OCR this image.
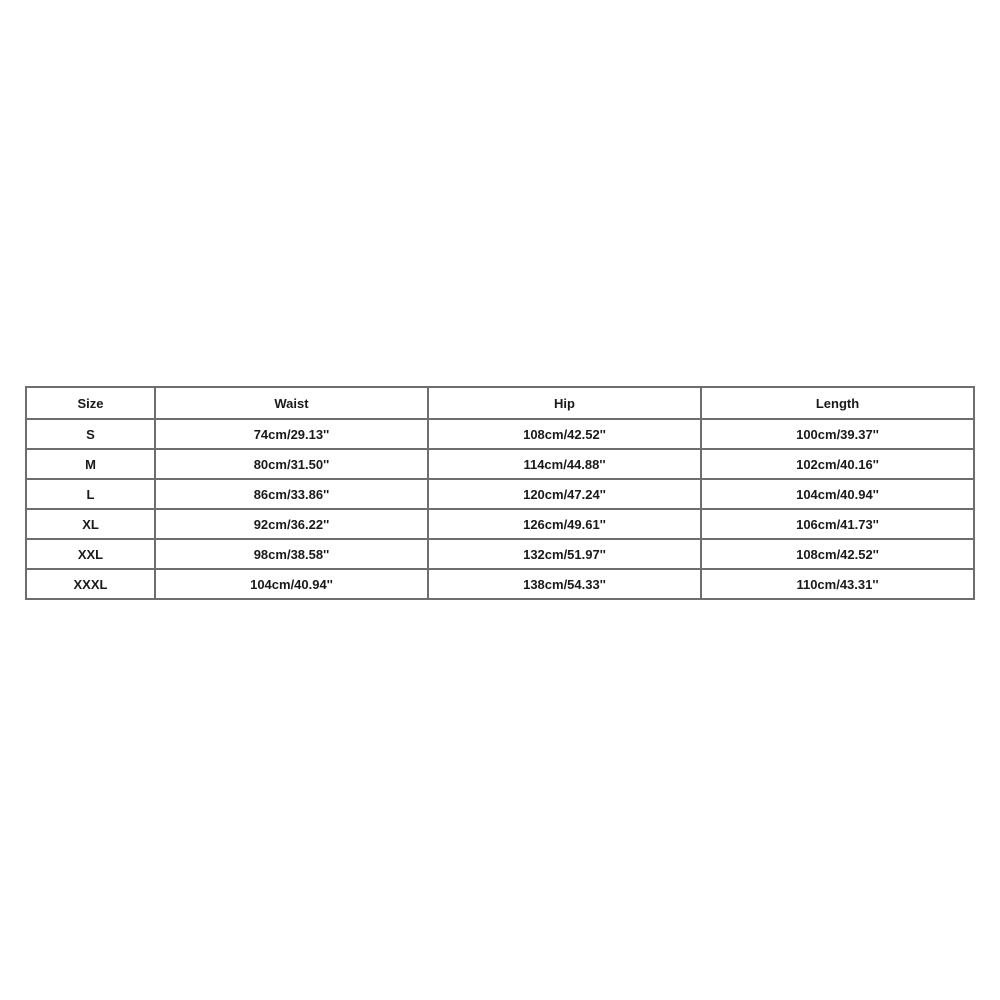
Size	Waist	Hip	Length
S	74cm/29.13''	108cm/42.52''	100cm/39.37''
M	80cm/31.50''	114cm/44.88''	102cm/40.16''
L	86cm/33.86''	120cm/47.24''	104cm/40.94''
XL	92cm/36.22''	126cm/49.61''	106cm/41.73''
XXL	98cm/38.58''	132cm/51.97''	108cm/42.52''
XXXL	104cm/40.94''	138cm/54.33''	110cm/43.31''
